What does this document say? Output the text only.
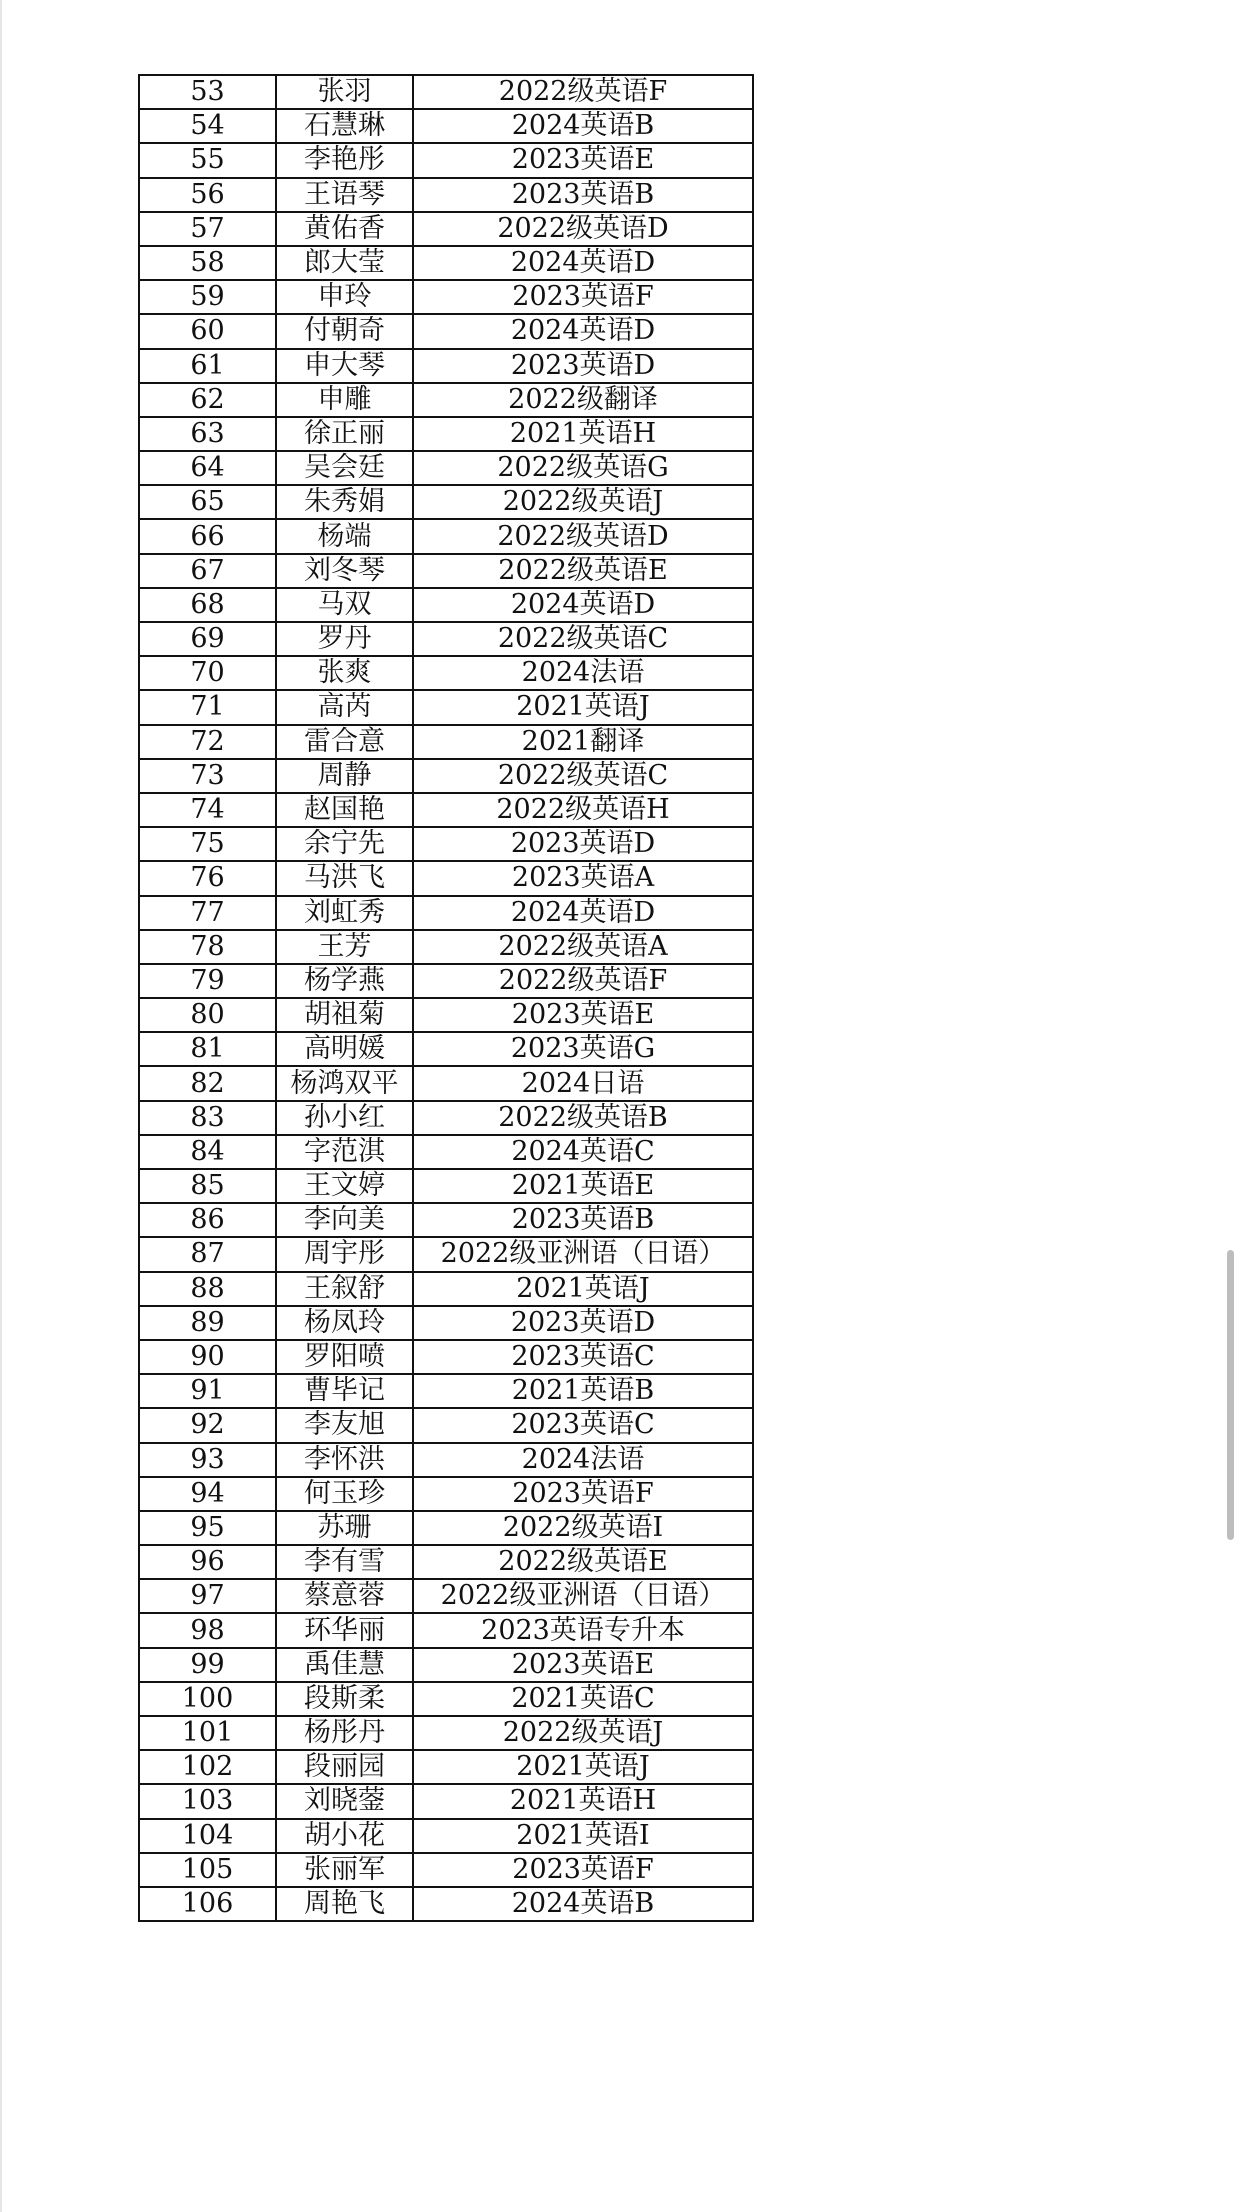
53	张羽	2022级英语F
54	石慧琳	2024英语B
55	李艳彤	2023英语E
56	王语琴	2023英语B
57	黄佑香	2022级英语D
58	郎大莹	2024英语D
59	申玲	2023英语F
60	付朝奇	2024英语D
61	申大琴	2023英语D
62	申雕	2022级翻译
63	徐正丽	2021英语H
64	吴会廷	2022级英语G
65	朱秀娟	2022级英语J
66	杨端	2022级英语D
67	刘冬琴	2022级英语E
68	马双	2024英语D
69	罗丹	2022级英语C
70	张爽	2024法语
71	高芮	2021英语J
72	雷合意	2021翻译
73	周静	2022级英语C
74	赵国艳	2022级英语H
75	余宁先	2023英语D
76	马洪飞	2023英语A
77	刘虹秀	2024英语D
78	王芳	2022级英语A
79	杨学燕	2022级英语F
80	胡祖菊	2023英语E
81	高明媛	2023英语G
82	杨鸿双平	2024日语
83	孙小红	2022级英语B
84	字范淇	2024英语C
85	王文婷	2021英语E
86	李向美	2023英语B
87	周宇彤	2022级亚洲语（日语）
88	王叙舒	2021英语J
89	杨凤玲	2023英语D
90	罗阳喷	2023英语C
91	曹毕记	2021英语B
92	李友旭	2023英语C
93	李怀洪	2024法语
94	何玉珍	2023英语F
95	苏珊	2022级英语I
96	李有雪	2022级英语E
97	蔡意蓉	2022级亚洲语（日语）
98	环华丽	2023英语专升本
99	禹佳慧	2023英语E
100	段斯柔	2021英语C
101	杨彤丹	2022级英语J
102	段丽园	2021英语J
103	刘晓蓥	2021英语H
104	胡小花	2021英语I
105	张丽军	2023英语F
106	周艳飞	2024英语B
